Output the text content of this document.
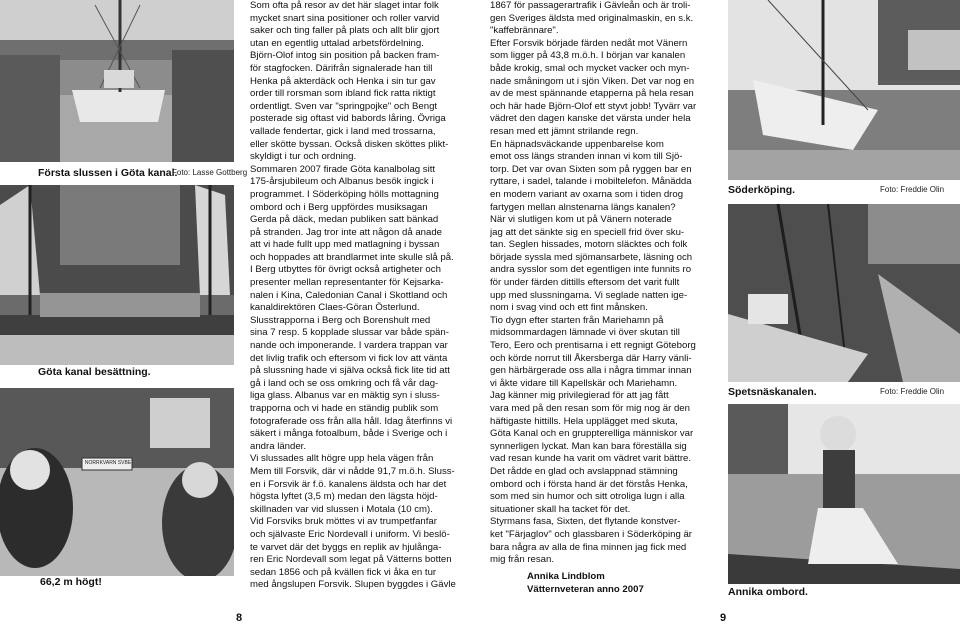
Första slussen i Göta kanal.
Foto: Lasse Gottberg
Göta kanal besättning.
NORRKVARN SVBE
66,2 m högt!

Som ofta på resor av det här slaget intar folk

mycket snart sina positioner och roller varvid

saker och ting faller på plats och allt blir gjort

utan en egentlig uttalad arbetsfördelning.

Björn-Olof intog sin position på backen fram-

för stagfocken. Därifrån signalerade han till

Henka på akterdäck och Henka i sin tur gav

order till rorsman som ibland fick ratta riktigt

ordentligt. Sven var "springpojke" och Bengt

posterade sig oftast vid babords låring. Övriga

vallade fendertar, gick i land med trossarna,

eller skötte byssan. Också disken sköttes plikt-

skyldigt i tur och ordning.

Sommaren 2007 firade Göta kanalbolag sitt

175-årsjubileum och Albanus besök ingick i

programmet. I Söderköping hölls mottagning

ombord och i Berg uppfördes musiksagan

Gerda på däck, medan publiken satt bänkad

på stranden. Jag tror inte att någon då anade

att vi hade fullt upp med matlagning i byssan

och hoppades att brandlarmet inte skulle slå på.

I Berg utbyttes för övrigt också artigheter och

presenter mellan representanter för Kejsarka-

nalen i Kina, Caledonian Canal i Skottland och

kanaldirektören Claes-Göran Österlund.

Slusstrapporna i Berg och Borenshult med

sina 7 resp. 5 kopplade slussar var både spän-

nande och imponerande. I vardera trappan var

det livlig trafik och eftersom vi fick lov att vänta

på slussning hade vi själva också fick lite tid att

gå i land och se oss omkring och få vår dag-

liga glass. Albanus var en mäktig syn i sluss-

trapporna och vi hade en ständig publik som

fotograferade oss från alla håll. Idag återfinns vi

säkert i många fotoalbum, både i Sverige och i

andra länder.

Vi slussades allt högre upp hela vägen från

Mem till Forsvik, där vi nådde 91,7 m.ö.h. Sluss-

en i Forsvik är f.ö. kanalens äldsta och har det

högsta lyftet (3,5 m) medan den lägsta höjd-

skillnaden var vid slussen i Motala (10 cm).

Vid Forsviks bruk möttes vi av trumpetfanfar

och självaste Eric Nordevall i uniform. Vi beslö-

te varvet där det byggs en replik av hjulånga-

ren Eric Nordevall som legat på Vätterns botten

sedan 1856 och på kvällen fick vi åka en tur

med ångslupen Forsvik. Slupen byggdes i Gävle

1867 för passagerartrafik i Gävleån och är troli-

gen Sveriges äldsta med originalmaskin, en s.k.

"kaffebrännare".

Efter Forsvik började färden nedåt mot Vänern

som ligger på 43,8 m.ö.h. I början var kanalen

både krokig, smal och mycket vacker och myn-

nade småningom ut i sjön Viken. Det var nog en

av de mest spännande etapperna på hela resan

och här hade Björn-Olof ett styvt jobb! Tyvärr var

vädret den dagen kanske det värsta under hela

resan med ett jämnt strilande regn.

En häpnadsväckande uppenbarelse kom

emot oss längs stranden innan vi kom till Sjö-

torp. Det var ovan Sixten som på ryggen bar en

ryttare, i sadel, talande i mobiltelefon. Månädda

en modern variant av oxarna som i tiden drog

fartygen mellan alnstenarna längs kanalen?

När vi slutligen kom ut på Vänern noterade

jag att det sänkte sig en speciell frid över sku-

tan. Seglen hissades, motorn släcktes och folk

började syssla med sjömansarbete, läsning och

andra sysslor som det egentligen inte funnits ro

för under färden dittills eftersom det varit fullt

upp med slussningarna. Vi seglade natten ige-

nom i svag vind och ett fint månsken.

Tio dygn efter starten från Mariehamn på

midsommardagen lämnade vi över skutan till

Tero, Eero och prentisarna i ett regnigt Göteborg

och körde norrut till Åkersberga där Harry vänli-

gen härbärgerade oss alla i några timmar innan

vi åkte vidare till Kapellskär och Mariehamn.

Jag känner mig privilegierad för att jag fått

vara med på den resan som för mig nog är den

häftigaste hittills. Hela upplägget med skuta,

Göta Kanal och en gruppterelliga människor var

synnerligen lyckat. Man kan bara föreställa sig

vad resan kunde ha varit om vädret varit bättre.

Det rådde en glad och avslappnad stämning

ombord och i första hand är det förstås Henka,

som med sin humor och sitt otroliga lugn i alla

situationer skall ha tacket för det.

Styrmans fasa, Sixten, det flytande konstver-

ket "Färjaglov" och glassbaren i Söderköping är

bara några av alla de fina minnen jag fick med

mig från resan.

Annika Lindblom

Vätternveteran anno 2007

Söderköping.	Foto: Freddie Olin
Spetsnäskanalen.	Foto: Freddie Olin
Annika ombord.
8	9
